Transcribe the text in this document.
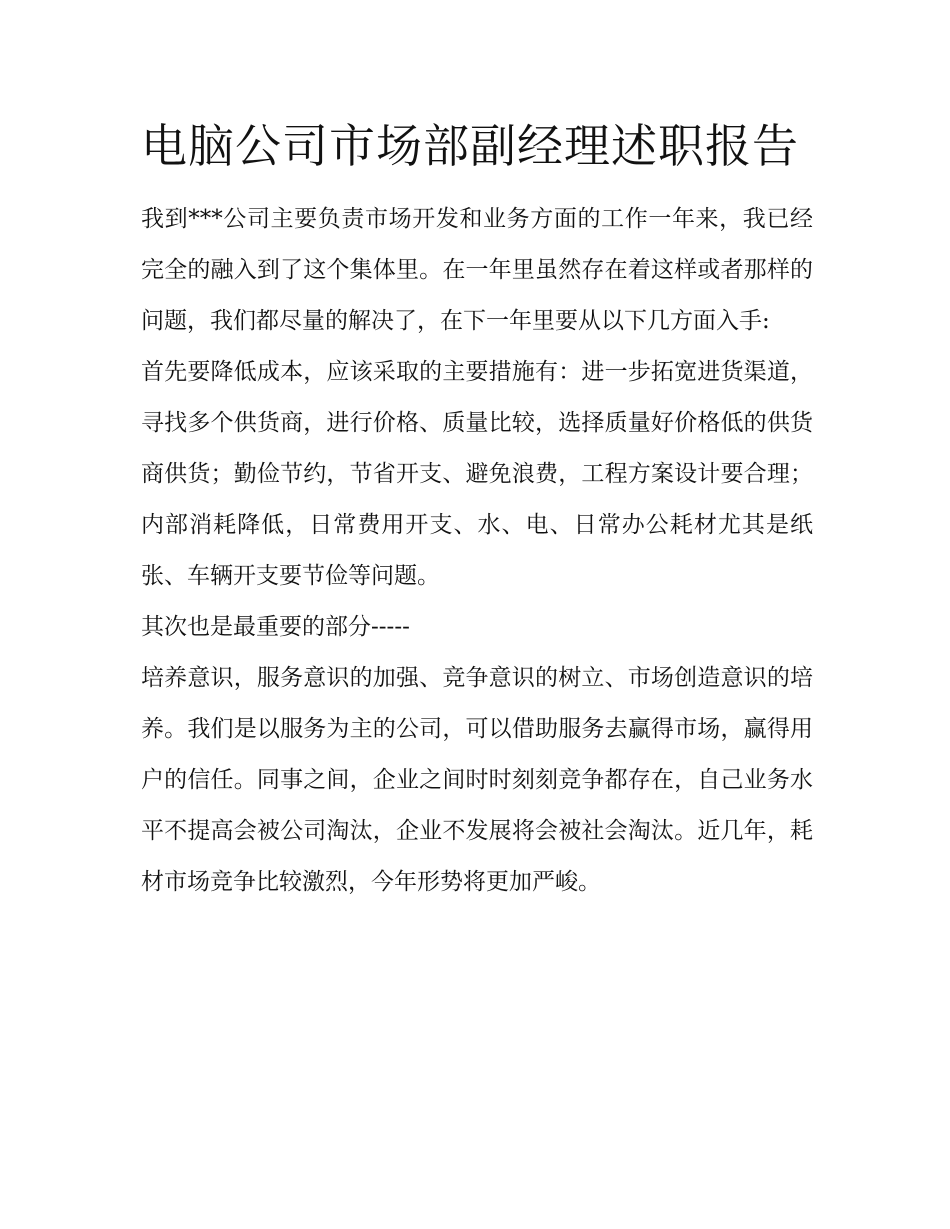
电脑公司市场部副经理述职报告

我到***公司主要负责市场开发和业务方面的工作一年来，我已经完全的融入到了这个集体里。在一年里虽然存在着这样或者那样的问题，我们都尽量的解决了，在下一年里要从以下几方面入手:

首先要降低成本，应该采取的主要措施有：进一步拓宽进货渠道，寻找多个供货商，进行价格、质量比较，选择质量好价格低的供货商供货；勤俭节约，节省开支、避免浪费，工程方案设计要合理；内部消耗降低，日常费用开支、水、电、日常办公耗材尤其是纸张、车辆开支要节俭等问题。

其次也是最重要的部分-----

培养意识，服务意识的加强、竞争意识的树立、市场创造意识的培养。我们是以服务为主的公司，可以借助服务去赢得市场，赢得用户的信任。同事之间，企业之间时时刻刻竞争都存在，自己业务水平不提高会被公司淘汰，企业不发展将会被社会淘汰。近几年，耗材市场竞争比较激烈，今年形势将更加严峻。
